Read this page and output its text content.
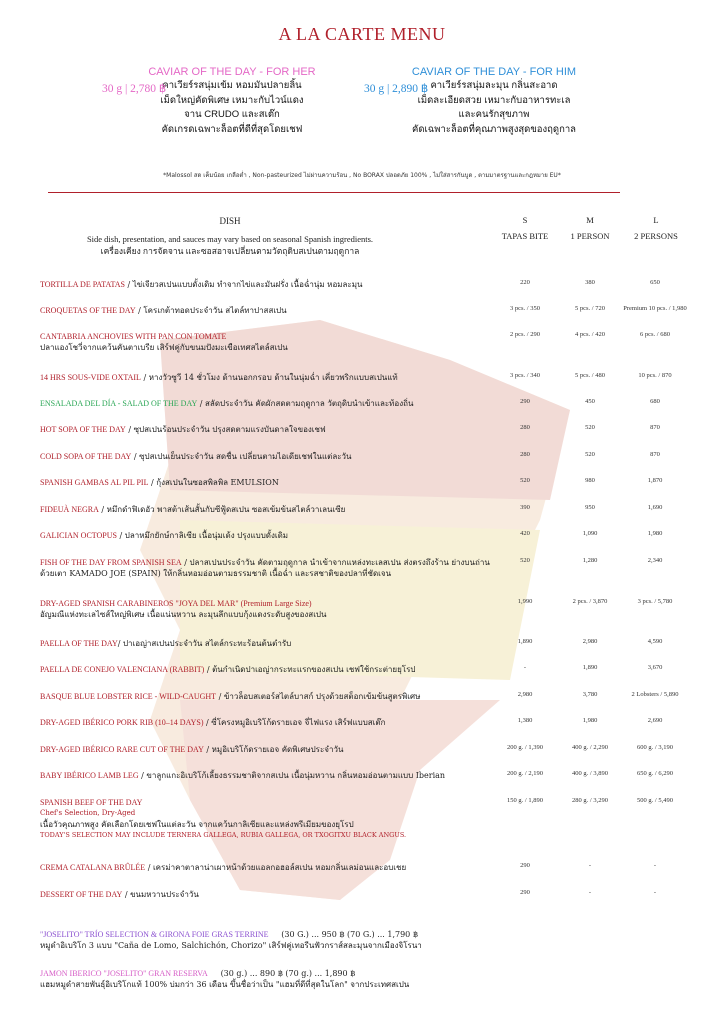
A LA CARTE MENU
CAVIAR OF THE DAY - FOR HER
30 g | 2,780 ฿
คาเวียร์รสนุ่มเข้ม หอมมันปลายลิ้น
เม็ดใหญ่คัดพิเศษ เหมาะกับไวน์แดง
จาน CRUDO และสเต๊ก
คัดเกรดเฉพาะล็อตที่ดีที่สุดโดยเชฟ
CAVIAR OF THE DAY - FOR HIM
30 g | 2,890 ฿ คาเวียร์รสนุ่มละมุน กลิ่นสะอาด
เม็ดละเอียดสวย เหมาะกับอาหารทะเล
และคนรักสุขภาพ
คัดเฉพาะล็อตที่คุณภาพสูงสุดของฤดูกาล
*Malossol สด เค็มน้อย เกลือต่ำ , Non-pasteurized ไม่ผ่านความร้อน , No BORAX ปลอดภัย 100% , ไม่ใส่สารกันบูด , ตามมาตรฐานและกฎหมาย EU*
DISH
Side dish, presentation, and sauces may vary based on seasonal Spanish ingredients.
เครื่องเคียง การจัดจาน และซอสอาจเปลี่ยนตามวัตถุดิบสเปนตามฤดูกาล
S
TAPAS BITE
M
1 PERSON
L
2 PERSONS
TORTILLA DE PATATAS / ไข่เจียวสเปนแบบดั้งเดิม ทำจากไข่และมันฝรั่ง เนื้อฉ่ำนุ่ม หอมละมุน	220	380	650
CROQUETAS OF THE DAY / โครเกต้าทอดประจำวัน สไตล์ทาปาสสเปน	3 pcs. / 350	5 pcs. / 720	Premium 10 pcs. / 1,980
CANTABRIA ANCHOVIES WITH PAN CON TOMATE
ปลาแองโชวี่จากแคว้นคันตาเบรีย เสิร์ฟคู่กับขนมปังมะเขือเทศสไตล์สเปน
2 pcs. / 290	4 pcs. / 420	6 pcs. / 680
14 HRS SOUS-VIDE OXTAIL / หางวัวซูวี 14 ชั่วโมง ด้านนอกกรอบ ด้านในนุ่มฉ่ำ เคี่ยวพริกแบบสเปนแท้	3 pcs. / 340	5 pcs. / 480	10 pcs. / 870
ENSALADA DEL DÍA - SALAD OF THE DAY / สลัดประจำวัน คัดผักสดตามฤดูกาล วัตถุดิบนำเข้าและท้องถิ่น	290	450	680
HOT SOPA OF THE DAY / ซุปสเปนร้อนประจำวัน ปรุงสดตามแรงบันดาลใจของเชฟ	280	520	870
COLD SOPA OF THE DAY / ซุปสเปนเย็นประจำวัน สดชื่น เปลี่ยนตามไอเดียเชฟในแต่ละวัน	280	520	870
SPANISH GAMBAS AL PIL PIL / กุ้งสเปนในซอสพิลพิล EMULSION	520	980	1,870
FIDEUÀ NEGRA / หมึกดำฟิเดอัว พาสต้าเส้นสั้นกับซีฟู้ดสเปน ซอสเข้มข้นสไตล์วาเลนเซีย	390	950	1,690
GALICIAN OCTOPUS / ปลาหมึกยักษ์กาลิเซีย เนื้อนุ่มเด้ง ปรุงแบบดั้งเดิม	420	1,090	1,980
FISH OF THE DAY FROM SPANISH SEA / ปลาสเปนประจำวัน คัดตามฤดูกาล นำเข้าจากแหล่งทะเลสเปน ส่งตรงถึงร้าน ย่างบนถ่านด้วยเตา KAMADO JOE (SPAIN) ให้กลิ่นหอมอ่อนตามธรรมชาติ เนื้อฉ่ำ และรสชาติของปลาที่ชัดเจน
520	1,280	2,340
DRY-AGED SPANISH CARABINEROS "JOYA DEL MAR" (Premium Large Size)
อัญมณีแห่งทะเลไซส์ใหญ่พิเศษ เนื้อแน่นหวาน ละมุนลึกแบบกุ้งแดงระดับสูงของสเปน
1,990	2 pcs. / 3,870	3 pcs. / 5,780
PAELLA OF THE DAY/ ปาเอญ่าสเปนประจำวัน สไตล์กระทะร้อนต้นตำรับ	1,890	2,980	4,590
PAELLA DE CONEJO VALENCIANA (RABBIT) / ต้นกำเนิดปาเอญ่ากระทะแรกของสเปน เชฟใช้กระต่ายยุโรป	-	1,890	3,670
BASQUE BLUE LOBSTER RICE - WILD-CAUGHT / ข้าวล็อบสเตอร์สไตล์บาสก์ ปรุงด้วยสต็อกเข้มข้นสูตรพิเศษ	2,980	3,780	2 Lobsters / 5,890
DRY-AGED IBÉRICO PORK RIB (10–14 DAYS) / ซี่โครงหมูอิเบริโก้ดรายเอจ จี่ไฟแรง เสิร์ฟแบบสเต๊ก	1,380	1,980	2,690
DRY-AGED IBÉRICO RARE CUT OF THE DAY / หมูอิเบริโก้ดรายเอจ คัดพิเศษประจำวัน	200 g. / 1,390	400 g. / 2,290	600 g. / 3,190
BABY IBÉRICO LAMB LEG / ขาลูกแกะอิเบริโก้เลี้ยงธรรมชาติจากสเปน เนื้อนุ่มหวาน กลิ่นหอมอ่อนตามแบบ Iberian	200 g. / 2,190	400 g. / 3,890	650 g. / 6,290
SPANISH BEEF OF THE DAY
Chef's Selection, Dry-Aged
เนื้อวัวคุณภาพสูง คัดเลือกโดยเชฟในแต่ละวัน จากแคว้นกาลิเซียและแหล่งพรีเมียมของยุโรป
TODAY'S SELECTION MAY INCLUDE TERNERA GALLEGA, RUBIA GALLEGA, OR TXOGITXU BLACK ANGUS.
150 g. / 1,890	280 g. / 3,290	500 g. / 5,490
CREMA CATALANA BRÛLÉE / เครม่าคาตาลาน่าเผาหน้าด้วยแอลกอฮอล์สเปน หอมกลิ่นเลม่อนและอบเชย	290	-	-
DESSERT OF THE DAY / ขนมหวานประจำวัน	290	-	-
"JOSELITO" TRÍO SELECTION & GIRONA FOIE GRAS TERRINE (30 G.) ... 950 ฿ (70 G.) ... 1,790 ฿
หมูดำอิเบริโก 3 แบบ "Caña de Lomo, Salchichón, Chorizo" เสิร์ฟคู่เทอรีนฟัวกราส์สละมุนจากเมืองจิโรนา
JAMON IBERICO "JOSELITO" GRAN RESERVA (30 g.) ... 890 ฿ (70 g.) ... 1,890 ฿
แฮมหมูดำสายพันธุ์อิเบริโกแท้ 100% บ่มกว่า 36 เดือน ขึ้นชื่อว่าเป็น "แฮมที่ดีที่สุดในโลก" จากประเทศสเปน
